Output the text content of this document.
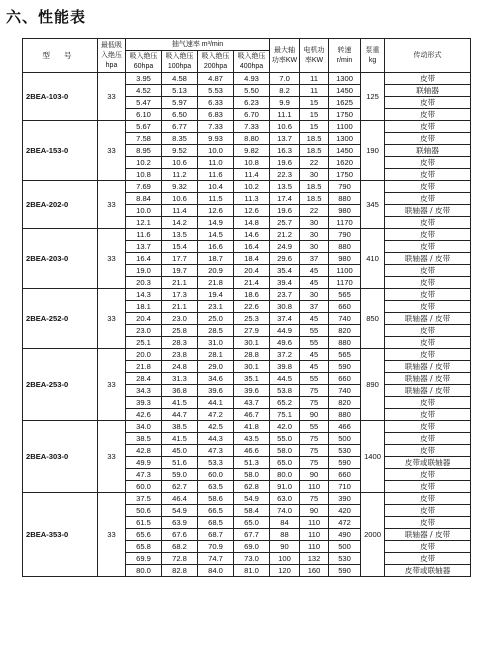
六、性能表
型 号	最低吸入绝压hpa	抽气速率 m³/min				最大轴功率KW	电机功率KW	转速r/min	泵重kg	传动形式
		吸入绝压60hpa	吸入绝压100hpa	吸入绝压200hpa	吸入绝压400hpa					
2BEA-103-0	33	3.95	4.58	4.87	4.93	7.0	11	1300	125	皮带
		4.52	5.13	5.53	5.50	8.2	11	1450		联轴器
		5.47	5.97	6.33	6.23	9.9	15	1625		皮带
		6.10	6.50	6.83	6.70	11.1	15	1750		皮带
2BEA-153-0	33	5.67	6.77	7.33	7.33	10.6	15	1100	190	皮带
		7.58	8.35	9.93	8.80	13.7	18.5	1300		皮带
		8.95	9.52	10.0	9.82	16.3	18.5	1450		联轴器
		10.2	10.6	11.0	10.8	19.6	22	1620		皮带
		10.8	11.2	11.6	11.4	22.3	30	1750		皮带
2BEA-202-0	33	7.69	9.32	10.4	10.2	13.5	18.5	790	345	皮带
		8.84	10.6	11.5	11.3	17.4	18.5	880		皮带
		10.0	11.4	12.6	12.6	19.6	22	980		联轴器 / 皮带
		12.1	14.2	14.9	14.8	25.7	30	1170		皮带
2BEA-203-0	33	11.6	13.5	14.5	14.6	21.2	30	790	410	皮带
		13.7	15.4	16.6	16.4	24.9	30	880		皮带
		16.4	17.7	18.7	18.4	29.6	37	980		联轴器 / 皮带
		19.0	19.7	20.9	20.4	35.4	45	1100		皮带
		20.3	21.1	21.8	21.4	39.4	45	1170		皮带
2BEA-252-0	33	14.3	17.3	19.4	18.6	23.7	30	565	850	皮带
		18.1	21.1	23.1	22.6	30.8	37	660		皮带
		20.4	23.0	25.0	25.3	37.4	45	740		联轴器 / 皮带
		23.0	25.8	28.5	27.9	44.9	55	820		皮带
		25.1	28.3	31.0	30.1	49.6	55	880		皮带
2BEA-253-0	33	20.0	23.8	28.1	28.8	37.2	45	565	890	皮带
		21.8	24.8	29.0	30.1	39.8	45	590		联轴器 / 皮带
		28.4	31.3	34.6	35.1	44.5	55	660		联轴器 / 皮带
		34.3	36.8	39.6	39.6	53.8	75	740		联轴器 / 皮带
		39.3	41.5	44.1	43.7	65.2	75	820		皮带
		42.6	44.7	47.2	46.7	75.1	90	880		皮带
2BEA-303-0	33	34.0	38.5	42.5	41.8	42.0	55	466	1400	皮带
		38.5	41.5	44.3	43.5	55.0	75	500		皮带
		42.8	45.0	47.3	46.6	58.0	75	530		皮带
		49.9	51.6	53.3	51.3	65.0	75	590		皮带或联轴器
		47.3	59.0	60.0	58.0	80.0	90	660		皮带
		60.0	62.7	63.5	62.8	91.0	110	710		皮带
2BEA-353-0	33	37.5	46.4	58.6	54.9	63.0	75	390	2000	皮带
		50.6	54.9	66.5	58.4	74.0	90	420		皮带
		61.5	63.9	68.5	65.0	84	110	472		皮带
		65.6	67.6	68.7	67.7	88	110	490		联轴器 / 皮带
		65.8	68.2	70.9	69.0	90	110	500		皮带
		69.9	72.8	74.7	73.0	100	132	530		皮带
		80.0	82.8	84.0	81.0	120	160	590		皮带或联轴器
